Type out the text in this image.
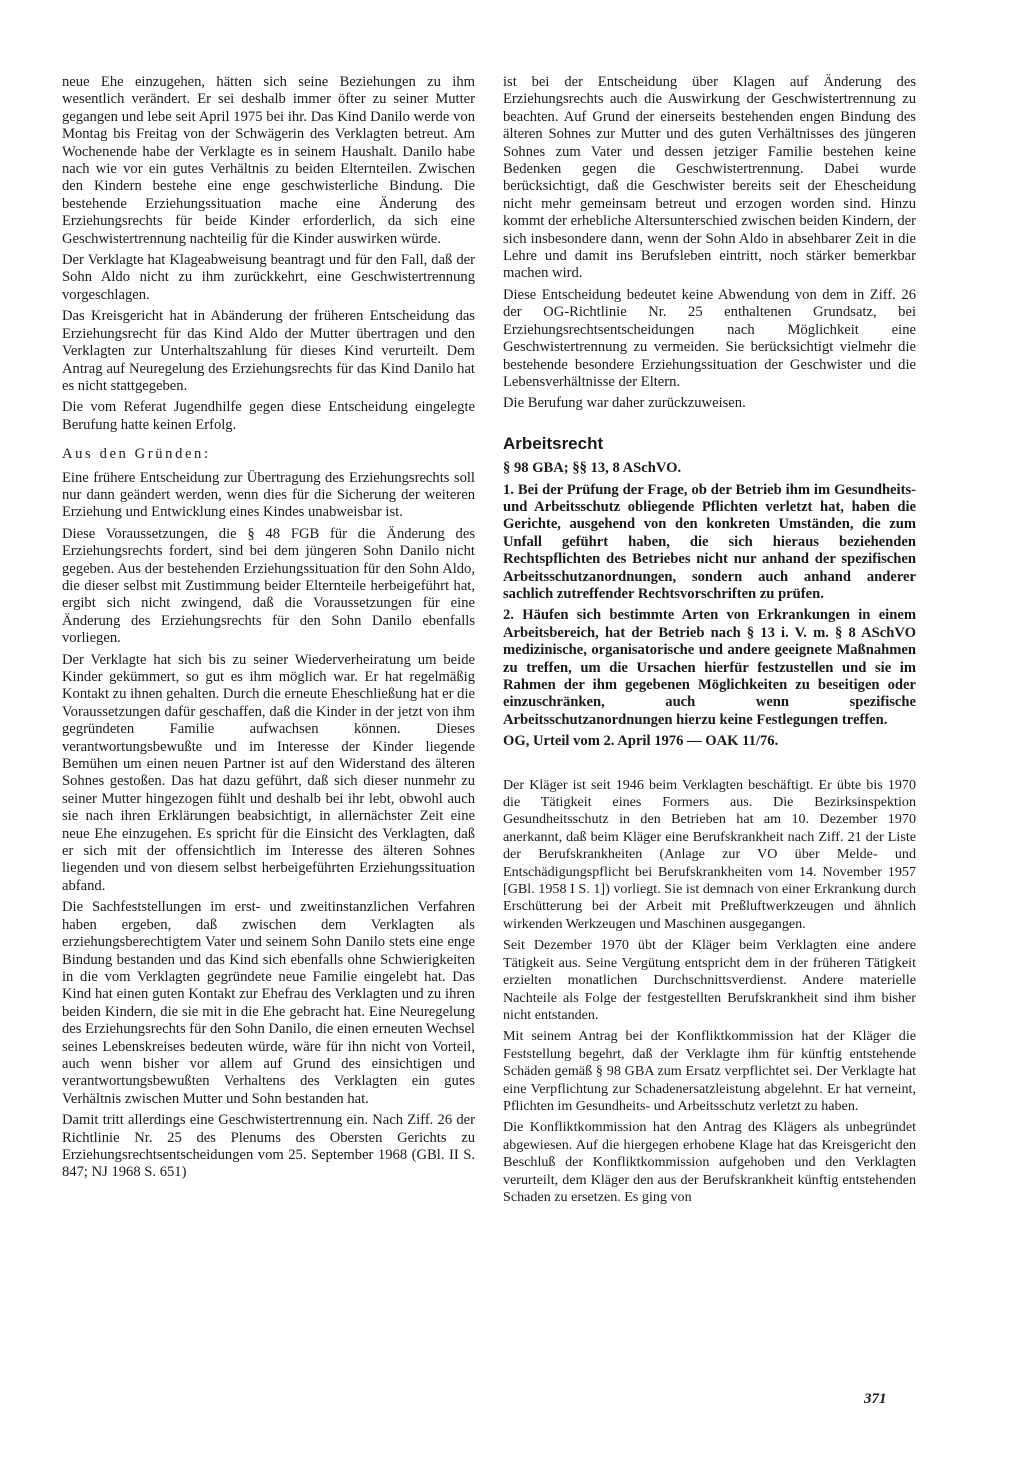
neue Ehe einzugehen, hätten sich seine Beziehungen zu ihm wesentlich verändert. Er sei deshalb immer öfter zu seiner Mutter gegangen und lebe seit April 1975 bei ihr. Das Kind Danilo werde von Montag bis Freitag von der Schwägerin des Verklagten betreut. Am Wochenende habe der Verklagte es in seinem Haushalt. Danilo habe nach wie vor ein gutes Verhältnis zu beiden Elternteilen. Zwischen den Kindern bestehe eine enge geschwisterliche Bindung. Die bestehende Erziehungssituation mache eine Änderung des Erziehungsrechts für beide Kinder erforderlich, da sich eine Geschwistertrennung nachteilig für die Kinder auswirken würde.

Der Verklagte hat Klageabweisung beantragt und für den Fall, daß der Sohn Aldo nicht zu ihm zurückkehrt, eine Geschwistertrennung vorgeschlagen.

Das Kreisgericht hat in Abänderung der früheren Entscheidung das Erziehungsrecht für das Kind Aldo der Mutter übertragen und den Verklagten zur Unterhaltszahlung für dieses Kind verurteilt. Dem Antrag auf Neuregelung des Erziehungsrechts für das Kind Danilo hat es nicht stattgegeben.

Die vom Referat Jugendhilfe gegen diese Entscheidung eingelegte Berufung hatte keinen Erfolg.

Aus den Gründen:

Eine frühere Entscheidung zur Übertragung des Erziehungsrechts soll nur dann geändert werden, wenn dies für die Sicherung der weiteren Erziehung und Entwicklung eines Kindes unabweisbar ist.

Diese Voraussetzungen, die § 48 FGB für die Änderung des Erziehungsrechts fordert, sind bei dem jüngeren Sohn Danilo nicht gegeben. Aus der bestehenden Erziehungssituation für den Sohn Aldo, die dieser selbst mit Zustimmung beider Elternteile herbeigeführt hat, ergibt sich nicht zwingend, daß die Voraussetzungen für eine Änderung des Erziehungsrechts für den Sohn Danilo ebenfalls vorliegen.

Der Verklagte hat sich bis zu seiner Wiederverheiratung um beide Kinder gekümmert, so gut es ihm möglich war. Er hat regelmäßig Kontakt zu ihnen gehalten. Durch die erneute Eheschließung hat er die Voraussetzungen dafür geschaffen, daß die Kinder in der jetzt von ihm gegründeten Familie aufwachsen können. Dieses verantwortungsbewußte und im Interesse der Kinder liegende Bemühen um einen neuen Partner ist auf den Widerstand des älteren Sohnes gestoßen. Das hat dazu geführt, daß sich dieser nunmehr zu seiner Mutter hingezogen fühlt und deshalb bei ihr lebt, obwohl auch sie nach ihren Erklärungen beabsichtigt, in allernächster Zeit eine neue Ehe einzugehen. Es spricht für die Einsicht des Verklagten, daß er sich mit der offensichtlich im Interesse des älteren Sohnes liegenden und von diesem selbst herbeigeführten Erziehungssituation abfand.

Die Sachfeststellungen im erst- und zweitinstanzlichen Verfahren haben ergeben, daß zwischen dem Verklagten als erziehungsberechtigtem Vater und seinem Sohn Danilo stets eine enge Bindung bestanden und das Kind sich ebenfalls ohne Schwierigkeiten in die vom Verklagten gegründete neue Familie eingelebt hat. Das Kind hat einen guten Kontakt zur Ehefrau des Verklagten und zu ihren beiden Kindern, die sie mit in die Ehe gebracht hat. Eine Neuregelung des Erziehungsrechts für den Sohn Danilo, die einen erneuten Wechsel seines Lebenskreises bedeuten würde, wäre für ihn nicht von Vorteil, auch wenn bisher vor allem auf Grund des einsichtigen und verantwortungsbewußten Verhaltens des Verklagten ein gutes Verhältnis zwischen Mutter und Sohn bestanden hat.

Damit tritt allerdings eine Geschwistertrennung ein. Nach Ziff. 26 der Richtlinie Nr. 25 des Plenums des Obersten Gerichts zu Erziehungsrechtsentscheidungen vom 25. September 1968 (GBl. II S. 847; NJ 1968 S. 651)

ist bei der Entscheidung über Klagen auf Änderung des Erziehungsrechts auch die Auswirkung der Geschwistertrennung zu beachten. Auf Grund der einerseits bestehenden engen Bindung des älteren Sohnes zur Mutter und des guten Verhältnisses des jüngeren Sohnes zum Vater und dessen jetziger Familie bestehen keine Bedenken gegen die Geschwistertrennung. Dabei wurde berücksichtigt, daß die Geschwister bereits seit der Ehescheidung nicht mehr gemeinsam betreut und erzogen worden sind. Hinzu kommt der erhebliche Altersunterschied zwischen beiden Kindern, der sich insbesondere dann, wenn der Sohn Aldo in absehbarer Zeit in die Lehre und damit ins Berufsleben eintritt, noch stärker bemerkbar machen wird.

Diese Entscheidung bedeutet keine Abwendung von dem in Ziff. 26 der OG-Richtlinie Nr. 25 enthaltenen Grundsatz, bei Erziehungsrechtsentscheidungen nach Möglichkeit eine Geschwistertrennung zu vermeiden. Sie berücksichtigt vielmehr die bestehende besondere Erziehungssituation der Geschwister und die Lebensverhältnisse der Eltern.

Die Berufung war daher zurückzuweisen.

Arbeitsrecht

§ 98 GBA; §§ 13, 8 ASchVO.

1. Bei der Prüfung der Frage, ob der Betrieb ihm im Gesundheits- und Arbeitsschutz obliegende Pflichten verletzt hat, haben die Gerichte, ausgehend von den konkreten Umständen, die zum Unfall geführt haben, die sich hieraus beziehenden Rechtspflichten des Betriebes nicht nur anhand der spezifischen Arbeitsschutzanordnungen, sondern auch anhand anderer sachlich zutreffender Rechtsvorschriften zu prüfen.

2. Häufen sich bestimmte Arten von Erkrankungen in einem Arbeitsbereich, hat der Betrieb nach § 13 i. V. m. § 8 ASchVO medizinische, organisatorische und andere geeignete Maßnahmen zu treffen, um die Ursachen hierfür festzustellen und sie im Rahmen der ihm gegebenen Möglichkeiten zu beseitigen oder einzuschränken, auch wenn spezifische Arbeitsschutzanordnungen hierzu keine Festlegungen treffen.

OG, Urteil vom 2. April 1976 — OAK 11/76.

Der Kläger ist seit 1946 beim Verklagten beschäftigt. Er übte bis 1970 die Tätigkeit eines Formers aus. Die Bezirksinspektion Gesundheitsschutz in den Betrieben hat am 10. Dezember 1970 anerkannt, daß beim Kläger eine Berufskrankheit nach Ziff. 21 der Liste der Berufskrankheiten (Anlage zur VO über Melde- und Entschädigungspflicht bei Berufskrankheiten vom 14. November 1957 [GBl. 1958 I S. 1]) vorliegt. Sie ist demnach von einer Erkrankung durch Erschütterung bei der Arbeit mit Preßluftwerkzeugen und ähnlich wirkenden Werkzeugen und Maschinen ausgegangen.

Seit Dezember 1970 übt der Kläger beim Verklagten eine andere Tätigkeit aus. Seine Vergütung entspricht dem in der früheren Tätigkeit erzielten monatlichen Durchschnittsverdienst. Andere materielle Nachteile als Folge der festgestellten Berufskrankheit sind ihm bisher nicht entstanden.

Mit seinem Antrag bei der Konfliktkommission hat der Kläger die Feststellung begehrt, daß der Verklagte ihm für künftig entstehende Schäden gemäß § 98 GBA zum Ersatz verpflichtet sei. Der Verklagte hat eine Verpflichtung zur Schadenersatzleistung abgelehnt. Er hat verneint, Pflichten im Gesundheits- und Arbeitsschutz verletzt zu haben.

Die Konfliktkommission hat den Antrag des Klägers als unbegründet abgewiesen. Auf die hiergegen erhobene Klage hat das Kreisgericht den Beschluß der Konfliktkommission aufgehoben und den Verklagten verurteilt, dem Kläger den aus der Berufskrankheit künftig entstehenden Schaden zu ersetzen. Es ging von

371
